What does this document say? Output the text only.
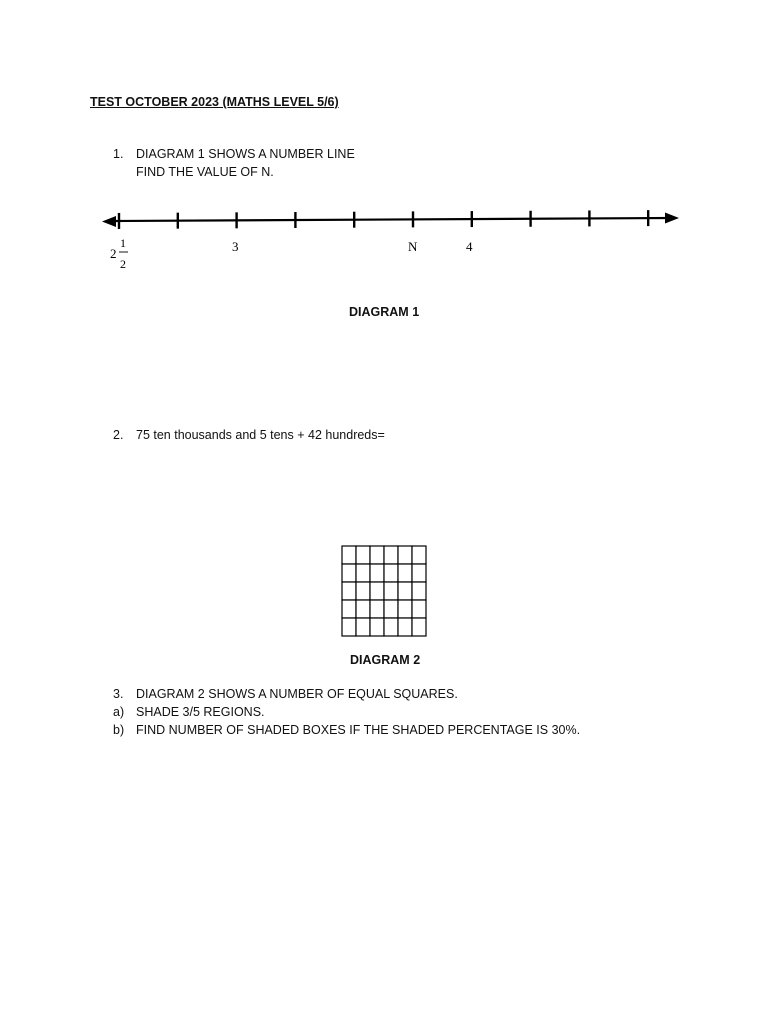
TEST OCTOBER 2023 (MATHS LEVEL 5/6)
1.	DIAGRAM 1 SHOWS A NUMBER LINE
FIND THE VALUE OF N.
2
1
2
3	N	4
DIAGRAM 1
2.	75 ten thousands and 5 tens + 42 hundreds=
DIAGRAM 2
3.	DIAGRAM 2 SHOWS A NUMBER OF EQUAL SQUARES.
a) SHADE 3/5 REGIONS.
b) FIND NUMBER OF SHADED BOXES IF THE SHADED PERCENTAGE IS 30%.
